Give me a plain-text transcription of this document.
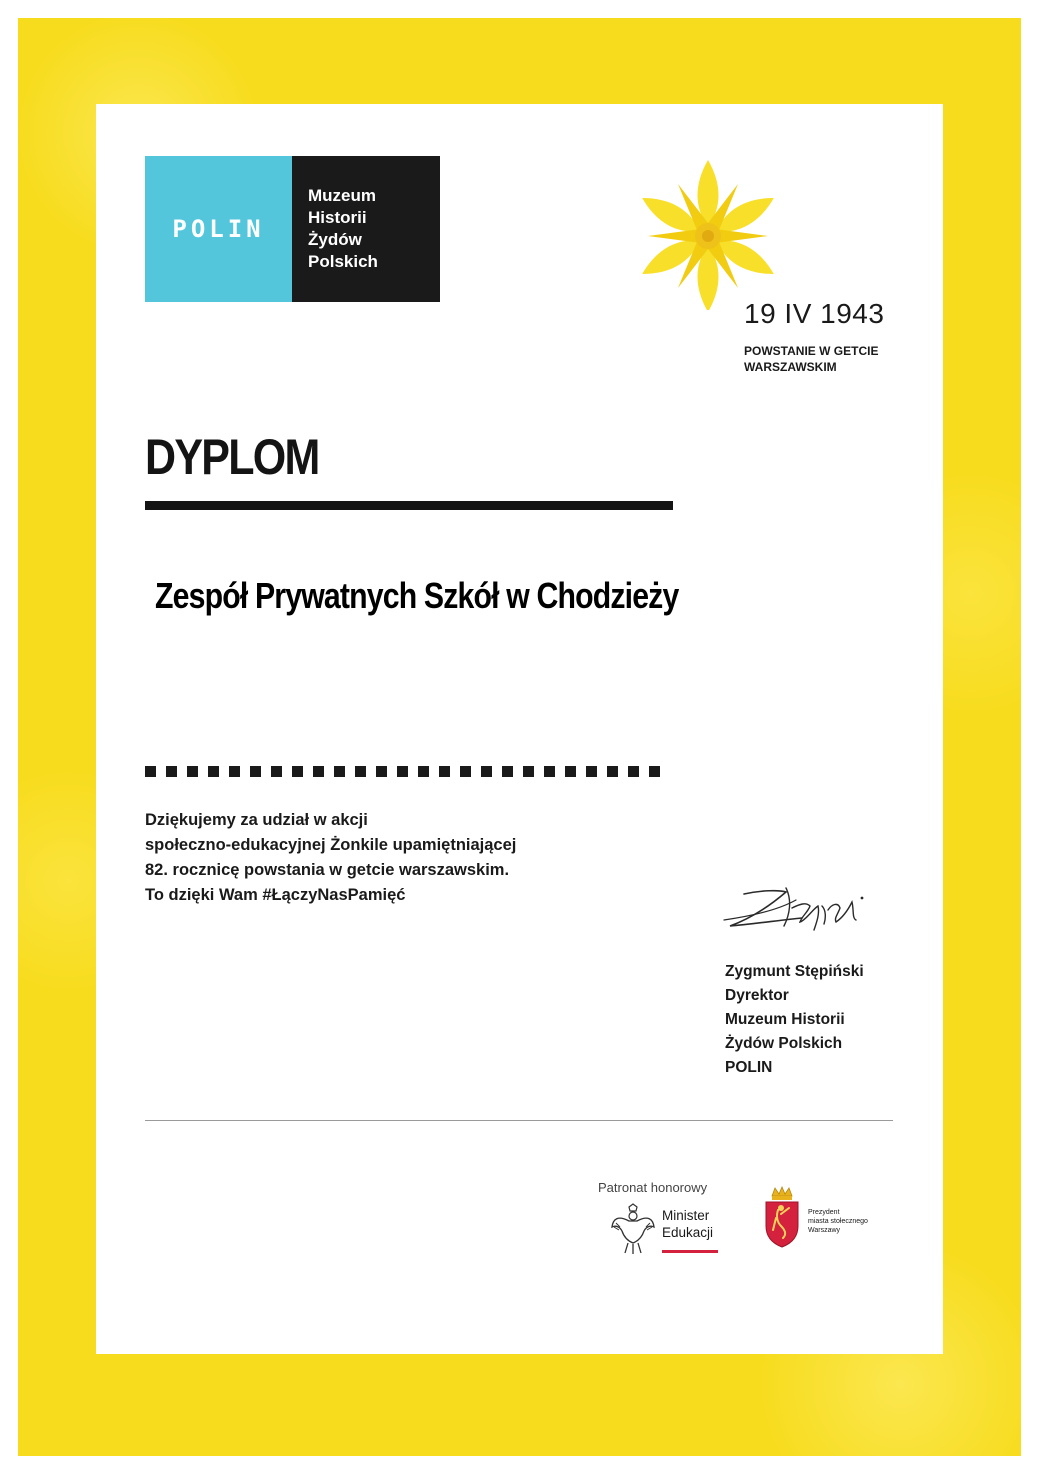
POLIN
Muzeum
Historii
Żydów
Polskich
19 IV 1943
POWSTANIE W GETCIE
WARSZAWSKIM
DYPLOM
Zespół Prywatnych Szkół w Chodzieży
Dziękujemy za udział w akcji
społeczno-edukacyjnej Żonkile upamiętniającej
82. rocznicę powstania w getcie warszawskim.
To dzięki Wam #ŁączyNasPamięć
Zygmunt Stępiński
Dyrektor
Muzeum Historii
Żydów Polskich
POLIN
Patronat honorowy
Minister
Edukacji
Prezydent
miasta stołecznego
Warszawy
